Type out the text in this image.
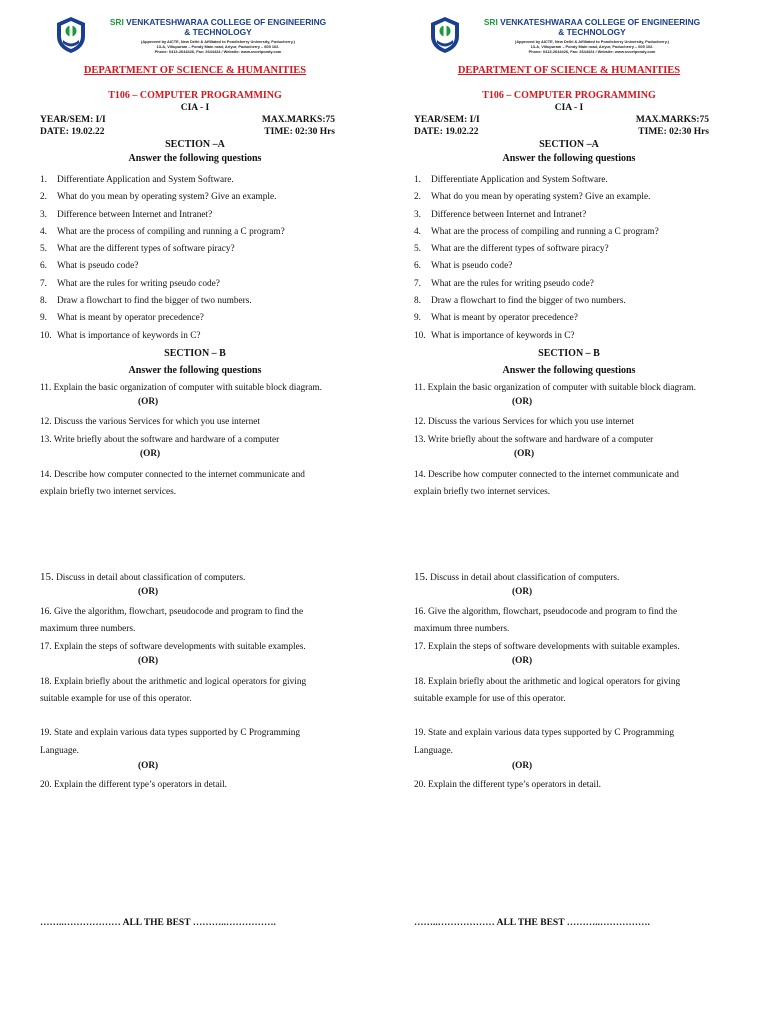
SRI VENKATESHWARAA COLLEGE OF ENGINEERING
& TECHNOLOGY
(Approved by AICTE, New Delhi & Affiliated to Pondicherry University, Puducherry.)
13-A, Villupuram – Pondy Main road, Ariyur, Puducherry – 605 102.
Phone: 0413-2644426, Fax: 2644424 / Website: www.svcetpondy.com
DEPARTMENT OF SCIENCE & HUMANITIES
T106 – COMPUTER PROGRAMMING
CIA - I
YEAR/SEM: I/I	MAX.MARKS:75
DATE: 19.02.22	TIME: 02:30 Hrs
SECTION –A
Answer the following questions
1. Differentiate Application and System Software.
2. What do you mean by operating system? Give an example.
3. Difference between Internet and Intranet?
4. What are the process of compiling and running a C program?
5. What are the different types of software piracy?
6. What is pseudo code?
7. What are the rules for writing pseudo code?
8. Draw a flowchart to find the bigger of two numbers.
9. What is meant by operator precedence?
10. What is importance of keywords in C?
SECTION – B
Answer the following questions
11. Explain the basic organization of computer with suitable block diagram.
(OR)
12. Discuss the various Services for which you use internet
13. Write briefly about the software and hardware of a computer
(OR)
14. Describe how computer connected to the internet communicate and
explain briefly two internet services.
15. Discuss in detail about classification of computers.
(OR)
16. Give the algorithm, flowchart, pseudocode and program to find the
maximum three numbers.
17. Explain the steps of software developments with suitable examples.
(OR)
18. Explain briefly about the arithmetic and logical operators for giving
suitable example for use of this operator.
19. State and explain various data types supported by C Programming
Language.
(OR)
20. Explain the different type’s operators in detail.
……..……………… ALL THE BEST ………..…………….
SRI VENKATESHWARAA COLLEGE OF ENGINEERING
& TECHNOLOGY
(Approved by AICTE, New Delhi & Affiliated to Pondicherry University, Puducherry.)
13-A, Villupuram – Pondy Main road, Ariyur, Puducherry – 605 102.
Phone: 0413-2644426, Fax: 2644424 / Website: www.svcetpondy.com
DEPARTMENT OF SCIENCE & HUMANITIES
T106 – COMPUTER PROGRAMMING
CIA - I
YEAR/SEM: I/I	MAX.MARKS:75
DATE: 19.02.22	TIME: 02:30 Hrs
SECTION –A
Answer the following questions
1. Differentiate Application and System Software.
2. What do you mean by operating system? Give an example.
3. Difference between Internet and Intranet?
4. What are the process of compiling and running a C program?
5. What are the different types of software piracy?
6. What is pseudo code?
7. What are the rules for writing pseudo code?
8. Draw a flowchart to find the bigger of two numbers.
9. What is meant by operator precedence?
10. What is importance of keywords in C?
SECTION – B
Answer the following questions
11. Explain the basic organization of computer with suitable block diagram.
(OR)
12. Discuss the various Services for which you use internet
13. Write briefly about the software and hardware of a computer
(OR)
14. Describe how computer connected to the internet communicate and
explain briefly two internet services.
15. Discuss in detail about classification of computers.
(OR)
16. Give the algorithm, flowchart, pseudocode and program to find the
maximum three numbers.
17. Explain the steps of software developments with suitable examples.
(OR)
18. Explain briefly about the arithmetic and logical operators for giving
suitable example for use of this operator.
19. State and explain various data types supported by C Programming
Language.
(OR)
20. Explain the different type’s operators in detail.
……..……………… ALL THE BEST ………..…………….
